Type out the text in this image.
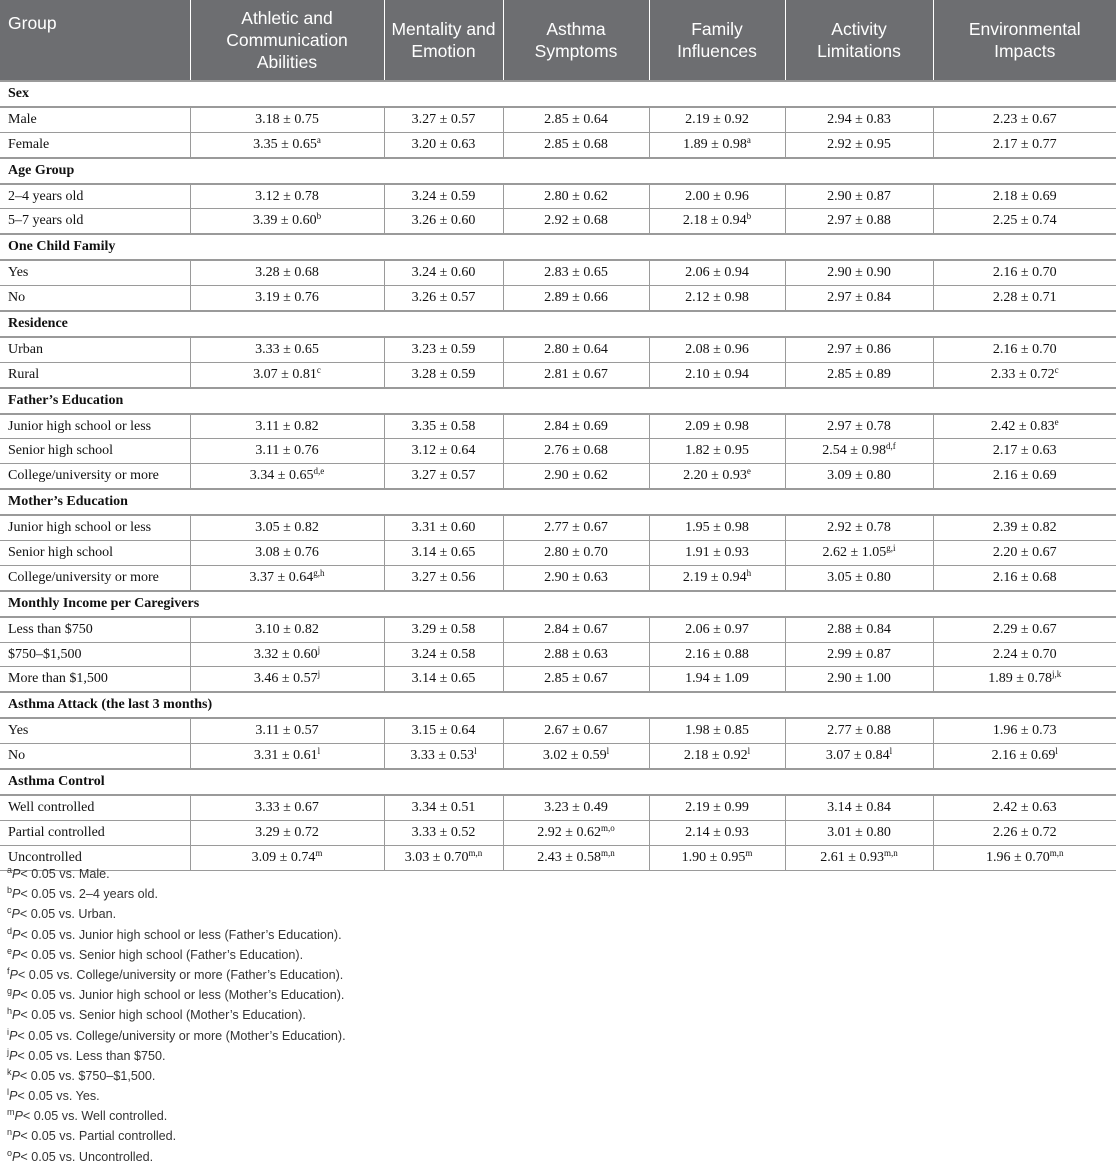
Group	Athletic and Communication Abilities	Mentality and Emotion	Asthma Symptoms	Family Influences	Activity Limitations	Environmental Impacts
Sex						
Male	3.18 ± 0.75	3.27 ± 0.57	2.85 ± 0.64	2.19 ± 0.92	2.94 ± 0.83	2.23 ± 0.67
Female	3.35 ± 0.65$^a$	3.20 ± 0.63	2.85 ± 0.68	1.89 ± 0.98$^a$	2.92 ± 0.95	2.17 ± 0.77
Age Group						
2–4 years old	3.12 ± 0.78	3.24 ± 0.59	2.80 ± 0.62	2.00 ± 0.96	2.90 ± 0.87	2.18 ± 0.69
5–7 years old	3.39 ± 0.60$^b$	3.26 ± 0.60	2.92 ± 0.68	2.18 ± 0.94$^b$	2.97 ± 0.88	2.25 ± 0.74
One Child Family						
Yes	3.28 ± 0.68	3.24 ± 0.60	2.83 ± 0.65	2.06 ± 0.94	2.90 ± 0.90	2.16 ± 0.70
No	3.19 ± 0.76	3.26 ± 0.57	2.89 ± 0.66	2.12 ± 0.98	2.97 ± 0.84	2.28 ± 0.71
Residence						
Urban	3.33 ± 0.65	3.23 ± 0.59	2.80 ± 0.64	2.08 ± 0.96	2.97 ± 0.86	2.16 ± 0.70
Rural	3.07 ± 0.81$^c$	3.28 ± 0.59	2.81 ± 0.67	2.10 ± 0.94	2.85 ± 0.89	2.33 ± 0.72$^c$
Father’s Education						
Junior high school or less	3.11 ± 0.82	3.35 ± 0.58	2.84 ± 0.69	2.09 ± 0.98	2.97 ± 0.78	2.42 ± 0.83$^e$
Senior high school	3.11 ± 0.76	3.12 ± 0.64	2.76 ± 0.68	1.82 ± 0.95	$2.54 \pm 0.98^{d,f}$	2.17 ± 0.63
College/university or more	$3.34 \pm 0.65^{d,e}$	3.27 ± 0.57	2.90 ± 0.62	2.20 ± 0.93$^e$	3.09 ± 0.80	2.16 ± 0.69
Mother’s Education						
Junior high school or less	3.05 ± 0.82	3.31 ± 0.60	2.77 ± 0.67	1.95 ± 0.98	2.92 ± 0.78	2.39 ± 0.82
Senior high school	3.08 ± 0.76	3.14 ± 0.65	2.80 ± 0.70	1.91 ± 0.93	$2.62 \pm 1.05^{g,i}$	2.20 ± 0.67
College/university or more	$3.37 \pm 0.64^{g,h}$	3.27 ± 0.56	2.90 ± 0.63	2.19 ± 0.94$^h$	3.05 ± 0.80	2.16 ± 0.68
Monthly Income per Caregivers						
Less than $750	3.10 ± 0.82	3.29 ± 0.58	2.84 ± 0.67	2.06 ± 0.97	2.88 ± 0.84	2.29 ± 0.67
$750–$1,500	$3.32 \pm 0.60^j$	3.24 ± 0.58	2.88 ± 0.63	2.16 ± 0.88	2.99 ± 0.87	2.24 ± 0.70
More than $1,500	$3.46 \pm 0.57^j$	3.14 ± 0.65	2.85 ± 0.67	1.94 ± 1.09	2.90 ± 1.00	$1.89 \pm 0.78^{j,k}$
Asthma Attack (the last 3 months)						
Yes	3.11 ± 0.57	3.15 ± 0.64	2.67 ± 0.67	1.98 ± 0.85	2.77 ± 0.88	1.96 ± 0.73
No	$3.31 \pm 0.61^l$	$3.33 \pm 0.53^l$	$3.02 \pm 0.59^l$	$2.18 \pm 0.92^l$	$3.07 \pm 0.84^l$	$2.16 \pm 0.69^l$
Asthma Control						
Well controlled	3.33 ± 0.67	3.34 ± 0.51	3.23 ± 0.49	2.19 ± 0.99	3.14 ± 0.84	2.42 ± 0.63
Partial controlled	3.29 ± 0.72	3.33 ± 0.52	$2.92 \pm 0.62^{m,o}$	2.14 ± 0.93	3.01 ± 0.80	2.26 ± 0.72
Uncontrolled	$3.09 \pm 0.74^m$	$3.03 \pm 0.70^{m,n}$	$2.43 \pm 0.58^{m,n}$	$1.90 \pm 0.95^m$	$2.61 \pm 0.93^{m,n}$	$1.96 \pm 0.70^{m,n}$
$^a$P< 0.05 vs. Male.
$^b$P< 0.05 vs. 2–4 years old.
$^c$P< 0.05 vs. Urban.
$^d$P< 0.05 vs. Junior high school or less (Father’s Education).
$^e$P< 0.05 vs. Senior high school (Father’s Education).
$^f$P< 0.05 vs. College/university or more (Father’s Education).
$^g$P< 0.05 vs. Junior high school or less (Mother’s Education).
$^h$P< 0.05 vs. Senior high school (Mother’s Education).
$^i$P< 0.05 vs. College/university or more (Mother’s Education).
$^j$P< 0.05 vs. Less than $750.
$^k$P< 0.05 vs. $750–$1,500.
$^l$P< 0.05 vs. Yes.
$^m$P< 0.05 vs. Well controlled.
$^n$P< 0.05 vs. Partial controlled.
$^o$P< 0.05 vs. Uncontrolled.
